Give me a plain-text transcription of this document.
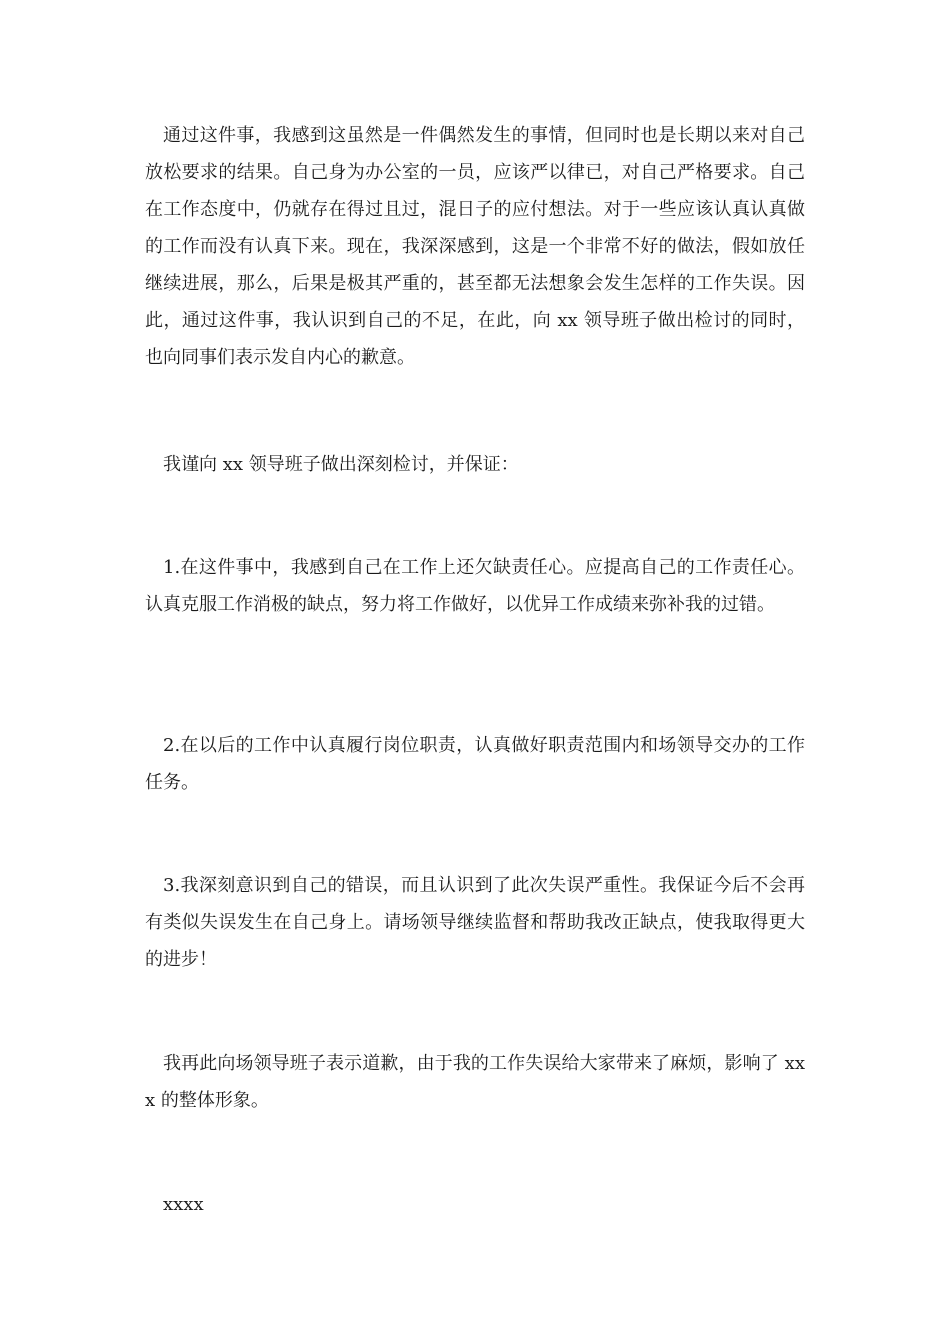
通过这件事，我感到这虽然是一件偶然发生的事情，但同时也是长期以来对自己放松要求的结果。自己身为办公室的一员，应该严以律已，对自己严格要求。自己在工作态度中，仍就存在得过且过，混日子的应付想法。对于一些应该认真认真做的工作而没有认真下来。现在，我深深感到，这是一个非常不好的做法，假如放任继续进展，那么，后果是极其严重的，甚至都无法想象会发生怎样的工作失误。因此，通过这件事，我认识到自己的不足，在此，向 xx 领导班子做出检讨的同时，也向同事们表示发自内心的歉意。

我谨向 xx 领导班子做出深刻检讨，并保证：

1.在这件事中，我感到自己在工作上还欠缺责任心。应提高自己的工作责任心。认真克服工作消极的缺点，努力将工作做好，以优异工作成绩来弥补我的过错。

2.在以后的工作中认真履行岗位职责，认真做好职责范围内和场领导交办的工作任务。

3.我深刻意识到自己的错误，而且认识到了此次失误严重性。我保证今后不会再有类似失误发生在自己身上。请场领导继续监督和帮助我改正缺点，使我取得更大的进步！

我再此向场领导班子表示道歉，由于我的工作失误给大家带来了麻烦，影响了 xxx 的整体形象。

xxxx
